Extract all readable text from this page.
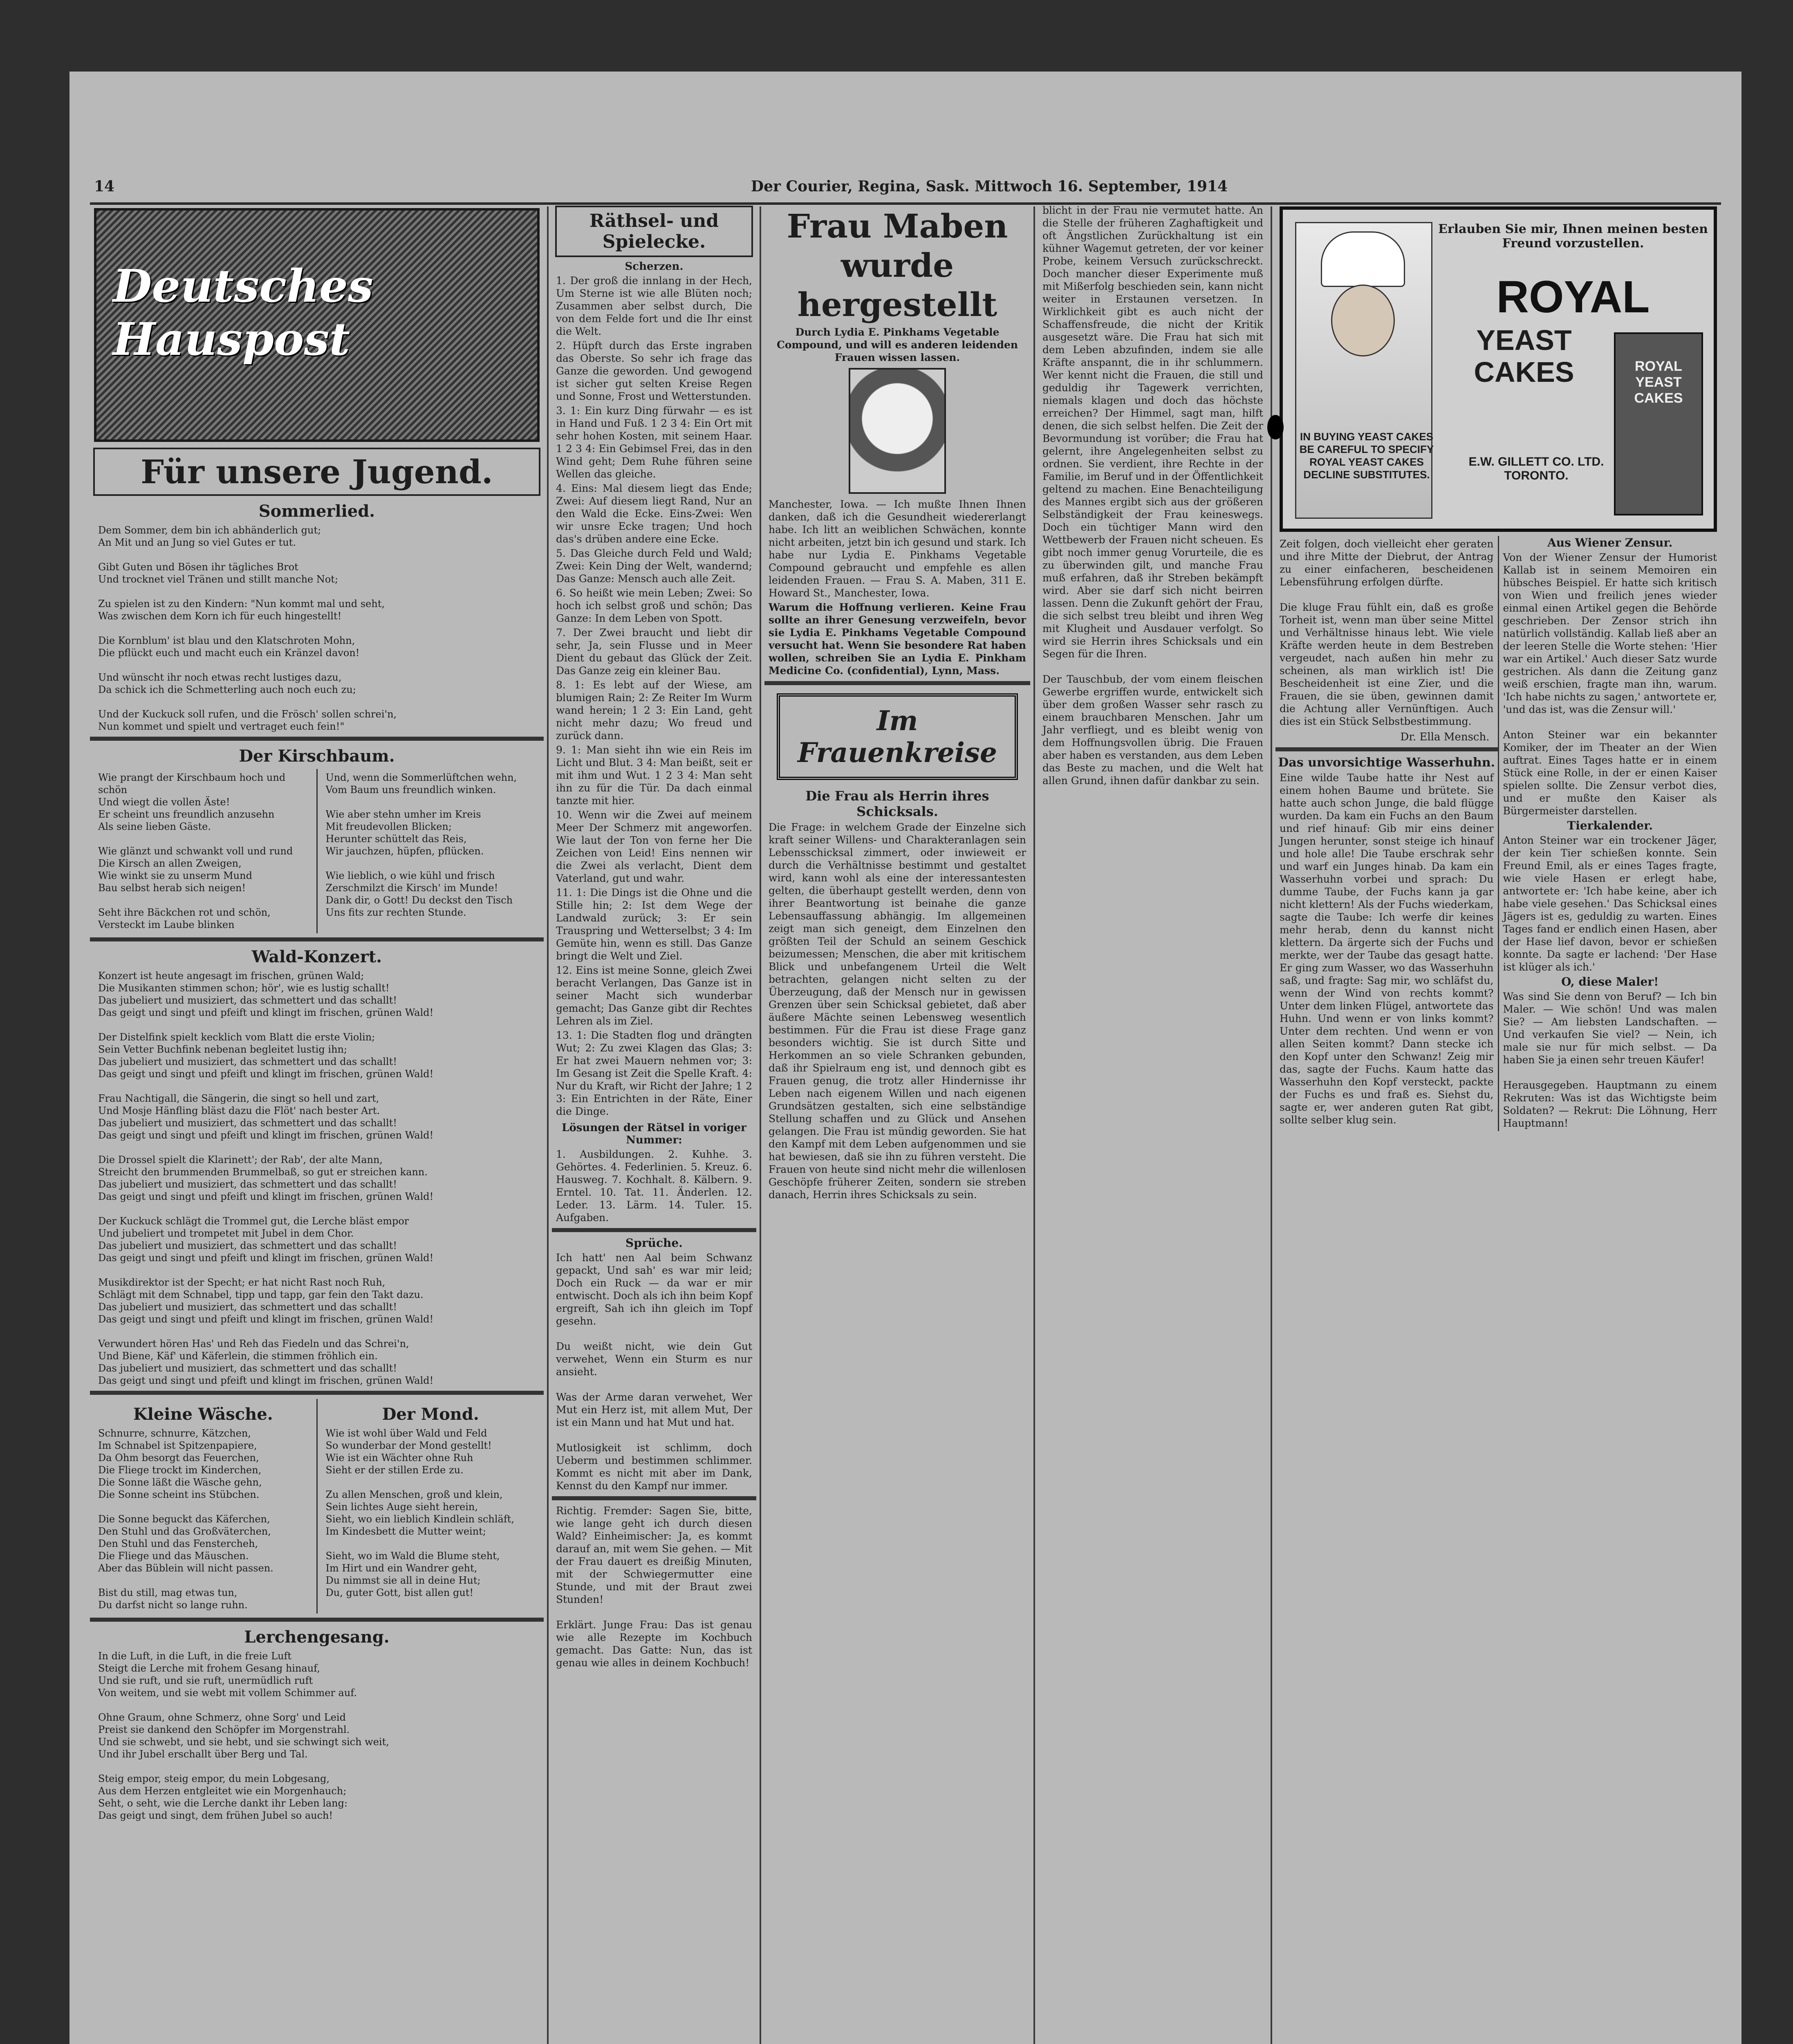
14	Der Courier, Regina, Sask. Mittwoch 16. September, 1914
Deutsches Hauspost
Für unsere Jugend.
Sommerlied.

Dem Sommer, dem bin ich abhänderlich gut;
An Mit und an Jung so viel Gutes er tut.

Gibt Guten und Bösen ihr tägliches Brot
Und trocknet viel Tränen und stillt manche Not;

Zu spielen ist zu den Kindern: "Nun kommt mal und seht,
Was zwischen dem Korn ich für euch hingestellt!

Die Kornblum' ist blau und den Klatschroten Mohn,
Die pflückt euch und macht euch ein Kränzel davon!

Und wünscht ihr noch etwas recht lustiges dazu,
Da schick ich die Schmetterling auch noch euch zu;

Und der Kuckuck soll rufen, und die Frösch' sollen schrei'n,
Nun kommet und spielt und vertraget euch fein!"

Der Kirschbaum.

Wie prangt der Kirschbaum hoch und schön
Und wiegt die vollen Äste!
Er scheint uns freundlich anzusehn
Als seine lieben Gäste.

Wie glänzt und schwankt voll und rund
Die Kirsch an allen Zweigen,
Wie winkt sie zu unserm Mund
Bau selbst herab sich neigen!

Seht ihre Bäckchen rot und schön,
Versteckt im Laube blinken

Und, wenn die Sommerlüftchen wehn,
Vom Baum uns freundlich winken.

Wie aber stehn umher im Kreis
Mit freudevollen Blicken;
Herunter schüttelt das Reis,
Wir jauchzen, hüpfen, pflücken.

Wie lieblich, o wie kühl und frisch
Zerschmilzt die Kirsch' im Munde!
Dank dir, o Gott! Du deckst den Tisch
Uns fits zur rechten Stunde.

Wald-Konzert.

Konzert ist heute angesagt im frischen, grünen Wald;
Die Musikanten stimmen schon; hör', wie es lustig schallt!
Das jubeliert und musiziert, das schmettert und das schallt!
Das geigt und singt und pfeift und klingt im frischen, grünen Wald!

Der Distelfink spielt kecklich vom Blatt die erste Violin;
Sein Vetter Buchfink nebenan begleitet lustig ihn;
Das jubeliert und musiziert, das schmettert und das schallt!
Das geigt und singt und pfeift und klingt im frischen, grünen Wald!

Frau Nachtigall, die Sängerin, die singt so hell und zart,
Und Mosje Hänfling bläst dazu die Flöt' nach bester Art.
Das jubeliert und musiziert, das schmettert und das schallt!
Das geigt und singt und pfeift und klingt im frischen, grünen Wald!

Die Drossel spielt die Klarinett'; der Rab', der alte Mann,
Streicht den brummenden Brummelbaß, so gut er streichen kann.
Das jubeliert und musiziert, das schmettert und das schallt!
Das geigt und singt und pfeift und klingt im frischen, grünen Wald!

Der Kuckuck schlägt die Trommel gut, die Lerche bläst empor
Und jubeliert und trompetet mit Jubel in dem Chor.
Das jubeliert und musiziert, das schmettert und das schallt!
Das geigt und singt und pfeift und klingt im frischen, grünen Wald!

Musikdirektor ist der Specht; er hat nicht Rast noch Ruh,
Schlägt mit dem Schnabel, tipp und tapp, gar fein den Takt dazu.
Das jubeliert und musiziert, das schmettert und das schallt!
Das geigt und singt und pfeift und klingt im frischen, grünen Wald!

Verwundert hören Has' und Reh das Fiedeln und das Schrei'n,
Und Biene, Käf' und Käferlein, die stimmen fröhlich ein.
Das jubeliert und musiziert, das schmettert und das schallt!
Das geigt und singt und pfeift und klingt im frischen, grünen Wald!

Kleine Wäsche.

Schnurre, schnurre, Kätzchen,
Im Schnabel ist Spitzenpapiere,
Da Ohm besorgt das Feuerchen,
Die Fliege trockt im Kinderchen,
Die Sonne läßt die Wäsche gehn,
Die Sonne scheint ins Stübchen.

Die Sonne beguckt das Käferchen,
Den Stuhl und das Großväterchen,
Den Stuhl und das Fenstercheh,
Die Fliege und das Mäuschen.
Aber das Büblein will nicht passen.

Bist du still, mag etwas tun,
Du darfst nicht so lange ruhn.

Der Mond.

Wie ist wohl über Wald und Feld
So wunderbar der Mond gestellt!
Wie ist ein Wächter ohne Ruh
Sieht er der stillen Erde zu.

Zu allen Menschen, groß und klein,
Sein lichtes Auge sieht herein,
Sieht, wo ein lieblich Kindlein schläft,
Im Kindesbett die Mutter weint;

Sieht, wo im Wald die Blume steht,
Im Hirt und ein Wandrer geht,
Du nimmst sie all in deine Hut;
Du, guter Gott, bist allen gut!

Lerchengesang.

In die Luft, in die Luft, in die freie Luft
Steigt die Lerche mit frohem Gesang hinauf,
Und sie ruft, und sie ruft, unermüdlich ruft
Von weitem, und sie webt mit vollem Schimmer auf.

Ohne Graum, ohne Schmerz, ohne Sorg' und Leid
Preist sie dankend den Schöpfer im Morgenstrahl.
Und sie schwebt, und sie hebt, und sie schwingt sich weit,
Und ihr Jubel erschallt über Berg und Tal.

Steig empor, steig empor, du mein Lobgesang,
Aus dem Herzen entgleitet wie ein Morgenhauch;
Seht, o seht, wie die Lerche dankt ihr Leben lang:
Das geigt und singt, dem frühen Jubel so auch!

Räthsel- und Spielecke.
Scherzen.

1. Der groß die innlang in der Hech, Um Sterne ist wie alle Blüten noch; Zusammen aber selbst durch, Die von dem Felde fort und die Ihr einst die Welt.

2. Hüpft durch das Erste ingraben das Oberste. So sehr ich frage das Ganze die geworden. Und gewogend ist sicher gut selten Kreise Regen und Sonne, Frost und Wetterstunden.

3. 1: Ein kurz Ding fürwahr — es ist in Hand und Fuß. 1 2 3 4: Ein Ort mit sehr hohen Kosten, mit seinem Haar. 1 2 3 4: Ein Gebimsel Frei, das in den Wind geht; Dem Ruhe führen seine Wellen das gleiche.

4. Eins: Mal diesem liegt das Ende; Zwei: Auf diesem liegt Rand, Nur an den Wald die Ecke. Eins-Zwei: Wen wir unsre Ecke tragen; Und hoch das's drüben andere eine Ecke.

5. Das Gleiche durch Feld und Wald; Zwei: Kein Ding der Welt, wandernd; Das Ganze: Mensch auch alle Zeit.

6. So heißt wie mein Leben; Zwei: So hoch ich selbst groß und schön; Das Ganze: In dem Leben von Spott.

7. Der Zwei braucht und liebt dir sehr, Ja, sein Flusse und in Meer Dient du gebaut das Glück der Zeit. Das Ganze zeig ein kleiner Bau.

8. 1: Es lebt auf der Wiese, am blumigen Rain; 2: Ze Reiter Im Wurm wand herein; 1 2 3: Ein Land, geht nicht mehr dazu; Wo freud und zurück dann.

9. 1: Man sieht ihn wie ein Reis im Licht und Blut. 3 4: Man beißt, seit er mit ihm und Wut. 1 2 3 4: Man seht ihn zu für die Tür. Da dach einmal tanzte mit hier.

10. Wenn wir die Zwei auf meinem Meer Der Schmerz mit angeworfen. Wie laut der Ton von ferne her Die Zeichen von Leid! Eins nennen wir die Zwei als verlacht, Dient dem Vaterland, gut und wahr.

11. 1: Die Dings ist die Ohne und die Stille hin; 2: Ist dem Wege der Landwald zurück; 3: Er sein Trauspring und Wetterselbst; 3 4: Im Gemüte hin, wenn es still. Das Ganze bringt die Welt und Ziel.

12. Eins ist meine Sonne, gleich Zwei beracht Verlangen, Das Ganze ist in seiner Macht sich wunderbar gemacht; Das Ganze gibt dir Rechtes Lehren als im Ziel.

13. 1: Die Stadten flog und drängten Wut; 2: Zu zwei Klagen das Glas; 3: Er hat zwei Mauern nehmen vor; 3: Im Gesang ist Zeit die Spelle Kraft. 4: Nur du Kraft, wir Richt der Jahre; 1 2 3: Ein Entrichten in der Räte, Einer die Dinge.

Lösungen der Rätsel in voriger Nummer:

1. Ausbildungen. 2. Kuhhe. 3. Gehörtes. 4. Federlinien. 5. Kreuz. 6. Hausweg. 7. Kochhalt. 8. Kälbern. 9. Erntel. 10. Tat. 11. Änderlen. 12. Leder. 13. Lärm. 14. Tuler. 15. Aufgaben.

Sprüche.

Ich hatt' nen Aal beim Schwanz gepackt, Und sah' es war mir leid; Doch ein Ruck — da war er mir entwischt. Doch als ich ihn beim Kopf ergreift, Sah ich ihn gleich im Topf gesehn.

Du weißt nicht, wie dein Gut verwehet, Wenn ein Sturm es nur ansieht.

Was der Arme daran verwehet, Wer Mut ein Herz ist, mit allem Mut, Der ist ein Mann und hat Mut und hat.

Mutlosigkeit ist schlimm, doch Ueberm und bestimmen schlimmer. Kommt es nicht mit aber im Dank, Kennst du den Kampf nur immer.

Richtig. Fremder: Sagen Sie, bitte, wie lange geht ich durch diesen Wald? Einheimischer: Ja, es kommt darauf an, mit wem Sie gehen. — Mit der Frau dauert es dreißig Minuten, mit der Schwiegermutter eine Stunde, und mit der Braut zwei Stunden!

Erklärt. Junge Frau: Das ist genau wie alle Rezepte im Kochbuch gemacht. Das Gatte: Nun, das ist genau wie alles in deinem Kochbuch!

Frau Maben wurde hergestellt

Durch Lydia E. Pinkhams Vegetable Compound, und will es anderen leidenden Frauen wissen lassen.

Manchester, Iowa. — Ich mußte Ihnen Ihnen danken, daß ich die Gesundheit wiedererlangt habe. Ich litt an weiblichen Schwächen, konnte nicht arbeiten, jetzt bin ich gesund und stark. Ich habe nur Lydia E. Pinkhams Vegetable Compound gebraucht und empfehle es allen leidenden Frauen. — Frau S. A. Maben, 311 E. Howard St., Manchester, Iowa.

Warum die Hoffnung verlieren. Keine Frau sollte an ihrer Genesung verzweifeln, bevor sie Lydia E. Pinkhams Vegetable Compound versucht hat. Wenn Sie besondere Rat haben wollen, schreiben Sie an Lydia E. Pinkham Medicine Co. (confidential), Lynn, Mass.

Im Frauenkreise
Die Frau als Herrin ihres Schicksals.

Die Frage: in welchem Grade der Einzelne sich kraft seiner Willens- und Charakteranlagen sein Lebensschicksal zimmert, oder inwieweit er durch die Verhältnisse bestimmt und gestaltet wird, kann wohl als eine der interessantesten gelten, die überhaupt gestellt werden, denn von ihrer Beantwortung ist beinahe die ganze Lebensauffassung abhängig. Im allgemeinen zeigt man sich geneigt, dem Einzelnen den größten Teil der Schuld an seinem Geschick beizumessen; Menschen, die aber mit kritischem Blick und unbefangenem Urteil die Welt betrachten, gelangen nicht selten zu der Überzeugung, daß der Mensch nur in gewissen Grenzen über sein Schicksal gebietet, daß aber äußere Mächte seinen Lebensweg wesentlich bestimmen. Für die Frau ist diese Frage ganz besonders wichtig. Sie ist durch Sitte und Herkommen an so viele Schranken gebunden, daß ihr Spielraum eng ist, und dennoch gibt es Frauen genug, die trotz aller Hindernisse ihr Leben nach eigenem Willen und nach eigenen Grundsätzen gestalten, sich eine selbständige Stellung schaffen und zu Glück und Ansehen gelangen. Die Frau ist mündig geworden. Sie hat den Kampf mit dem Leben aufgenommen und sie hat bewiesen, daß sie ihn zu führen versteht. Die Frauen von heute sind nicht mehr die willenlosen Geschöpfe früherer Zeiten, sondern sie streben danach, Herrin ihres Schicksals zu sein.

blicht in der Frau nie vermutet hatte. An die Stelle der früheren Zaghaftigkeit und oft Ängstlichen Zurückhaltung ist ein kühner Wagemut getreten, der vor keiner Probe, keinem Versuch zurückschreckt. Doch mancher dieser Experimente muß mit Mißerfolg beschieden sein, kann nicht weiter in Erstaunen versetzen. In Wirklichkeit gibt es auch nicht der Schaffensfreude, die nicht der Kritik ausgesetzt wäre. Die Frau hat sich mit dem Leben abzufinden, indem sie alle Kräfte anspannt, die in ihr schlummern. Wer kennt nicht die Frauen, die still und geduldig ihr Tagewerk verrichten, niemals klagen und doch das höchste erreichen? Der Himmel, sagt man, hilft denen, die sich selbst helfen. Die Zeit der Bevormundung ist vorüber; die Frau hat gelernt, ihre Angelegenheiten selbst zu ordnen. Sie verdient, ihre Rechte in der Familie, im Beruf und in der Öffentlichkeit geltend zu machen. Eine Benachteiligung des Mannes ergibt sich aus der größeren Selbständigkeit der Frau keineswegs. Doch ein tüchtiger Mann wird den Wettbewerb der Frauen nicht scheuen. Es gibt noch immer genug Vorurteile, die es zu überwinden gilt, und manche Frau muß erfahren, daß ihr Streben bekämpft wird. Aber sie darf sich nicht beirren lassen. Denn die Zukunft gehört der Frau, die sich selbst treu bleibt und ihren Weg mit Klugheit und Ausdauer verfolgt. So wird sie Herrin ihres Schicksals und ein Segen für die Ihren.

Der Tauschbub, der vom einem fleischen Gewerbe ergriffen wurde, entwickelt sich über dem großen Wasser sehr rasch zu einem brauchbaren Menschen. Jahr um Jahr verfliegt, und es bleibt wenig von dem Hoffnungsvollen übrig. Die Frauen aber haben es verstanden, aus dem Leben das Beste zu machen, und die Welt hat allen Grund, ihnen dafür dankbar zu sein.

IN BUYING YEAST CAKES BE CAREFUL TO SPECIFY ROYAL YEAST CAKES DECLINE SUBSTITUTES.
Erlauben Sie mir, Ihnen meinen besten Freund vorzustellen.
ROYAL
YEAST
CAKES	ROYAL YEAST CAKES
E.W. GILLETT CO. LTD. TORONTO.

Zeit folgen, doch vielleicht eher geraten und ihre Mitte der Diebrut, der Antrag zu einer einfacheren, bescheidenen Lebensführung erfolgen dürfte.

Die kluge Frau fühlt ein, daß es große Torheit ist, wenn man über seine Mittel und Verhältnisse hinaus lebt. Wie viele Kräfte werden heute in dem Bestreben vergeudet, nach außen hin mehr zu scheinen, als man wirklich ist! Die Bescheidenheit ist eine Zier, und die Frauen, die sie üben, gewinnen damit die Achtung aller Vernünftigen. Auch dies ist ein Stück Selbstbestimmung.

Dr. Ella Mensch.
Das unvorsichtige Wasserhuhn.

Eine wilde Taube hatte ihr Nest auf einem hohen Baume und brütete. Sie hatte auch schon Junge, die bald flügge wurden. Da kam ein Fuchs an den Baum und rief hinauf: Gib mir eins deiner Jungen herunter, sonst steige ich hinauf und hole alle! Die Taube erschrak sehr und warf ein Junges hinab. Da kam ein Wasserhuhn vorbei und sprach: Du dumme Taube, der Fuchs kann ja gar nicht klettern! Als der Fuchs wiederkam, sagte die Taube: Ich werfe dir keines mehr herab, denn du kannst nicht klettern. Da ärgerte sich der Fuchs und merkte, wer der Taube das gesagt hatte. Er ging zum Wasser, wo das Wasserhuhn saß, und fragte: Sag mir, wo schläfst du, wenn der Wind von rechts kommt? Unter dem linken Flügel, antwortete das Huhn. Und wenn er von links kommt? Unter dem rechten. Und wenn er von allen Seiten kommt? Dann stecke ich den Kopf unter den Schwanz! Zeig mir das, sagte der Fuchs. Kaum hatte das Wasserhuhn den Kopf versteckt, packte der Fuchs es und fraß es. Siehst du, sagte er, wer anderen guten Rat gibt, sollte selber klug sein.

Aus Wiener Zensur.

Von der Wiener Zensur der Humorist Kallab ist in seinem Memoiren ein hübsches Beispiel. Er hatte sich kritisch von Wien und freilich jenes wieder einmal einen Artikel gegen die Behörde geschrieben. Der Zensor strich ihn natürlich vollständig. Kallab ließ aber an der leeren Stelle die Worte stehen: 'Hier war ein Artikel.' Auch dieser Satz wurde gestrichen. Als dann die Zeitung ganz weiß erschien, fragte man ihn, warum. 'Ich habe nichts zu sagen,' antwortete er, 'und das ist, was die Zensur will.'

Anton Steiner war ein bekannter Komiker, der im Theater an der Wien auftrat. Eines Tages hatte er in einem Stück eine Rolle, in der er einen Kaiser spielen sollte. Die Zensur verbot dies, und er mußte den Kaiser als Bürgermeister darstellen.

Tierkalender.

Anton Steiner war ein trockener Jäger, der kein Tier schießen konnte. Sein Freund Emil, als er eines Tages fragte, wie viele Hasen er erlegt habe, antwortete er: 'Ich habe keine, aber ich habe viele gesehen.' Das Schicksal eines Jägers ist es, geduldig zu warten. Eines Tages fand er endlich einen Hasen, aber der Hase lief davon, bevor er schießen konnte. Da sagte er lachend: 'Der Hase ist klüger als ich.'

O, diese Maler!

Was sind Sie denn von Beruf? — Ich bin Maler. — Wie schön! Und was malen Sie? — Am liebsten Landschaften. — Und verkaufen Sie viel? — Nein, ich male sie nur für mich selbst. — Da haben Sie ja einen sehr treuen Käufer!

Herausgegeben. Hauptmann zu einem Rekruten: Was ist das Wichtigste beim Soldaten? — Rekrut: Die Löhnung, Herr Hauptmann!
